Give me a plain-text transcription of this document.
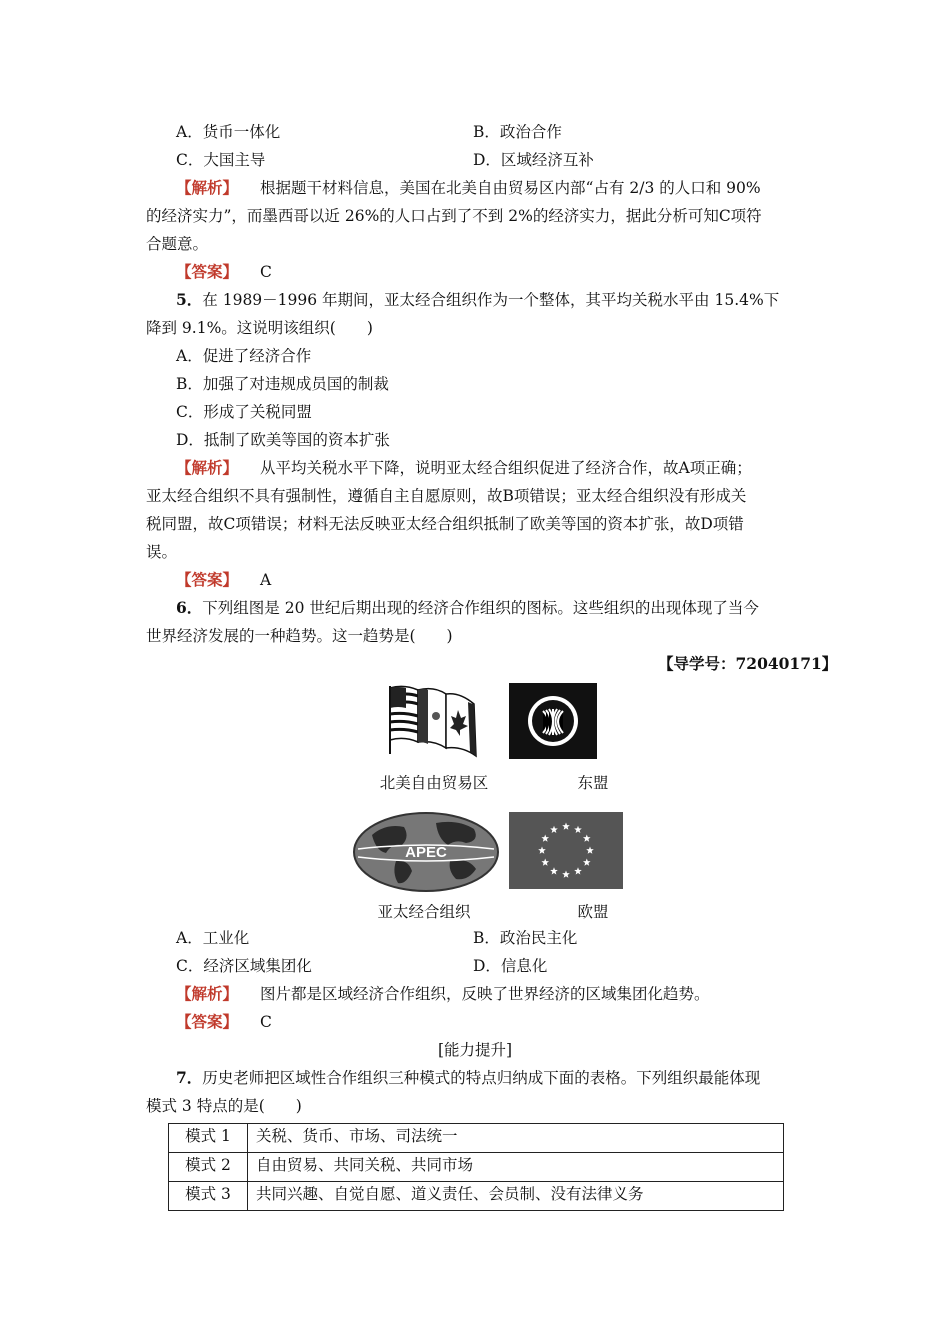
A．货币一体化	B．政治合作
C．大国主导	D．区域经济互补
【解析】 根据题干材料信息，美国在北美自由贸易区内部“占有 2/3 的人口和 90%
的经济实力”，而墨西哥以近 26%的人口占到了不到 2%的经济实力，据此分析可知C项符
合题意。
【答案】 C
5．在 1989－1996 年期间，亚太经合组织作为一个整体，其平均关税水平由 15.4%下
降到 9.1%。这说明该组织(　　)
A．促进了经济合作
B．加强了对违规成员国的制裁
C．形成了关税同盟
D．抵制了欧美等国的资本扩张
【解析】 从平均关税水平下降，说明亚太经合组织促进了经济合作，故A项正确；
亚太经合组织不具有强制性，遵循自主自愿原则，故B项错误；亚太经合组织没有形成关
税同盟，故C项错误；材料无法反映亚太经合组织抵制了欧美等国的资本扩张，故D项错
误。
【答案】 A
6．下列组图是 20 世纪后期出现的经济合作组织的图标。这些组织的出现体现了当今
世界经济发展的一种趋势。这一趋势是(　　)
【导学号：72040171】
北美自由贸易区	东盟
APEC
亚太经合组织	欧盟
A．工业化	B．政治民主化
C．经济区域集团化	D．信息化
【解析】 图片都是区域经济合作组织，反映了世界经济的区域集团化趋势。
【答案】 C
[能力提升]
7．历史老师把区域性合作组织三种模式的特点归纳成下面的表格。下列组织最能体现
模式 3 特点的是(　　)
模式 1	关税、货币、市场、司法统一
模式 2	自由贸易、共同关税、共同市场
模式 3	共同兴趣、自觉自愿、道义责任、会员制、没有法律义务
